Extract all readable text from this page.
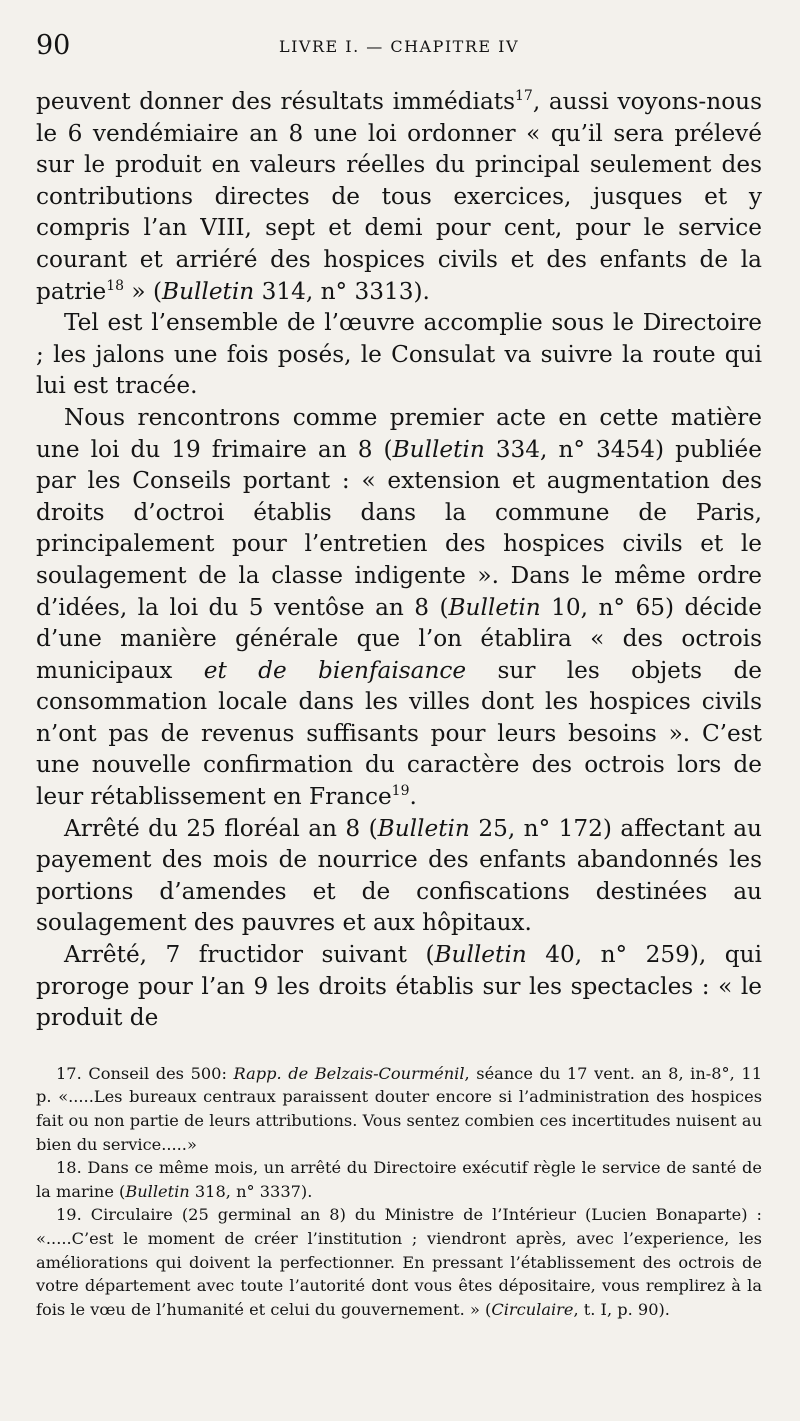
90	LIVRE I. — CHAPITRE IV

peuvent donner des résultats immédiats$^{17}$, aussi voyons-nous le 6 vendémiaire an 8 une loi ordonner « qu’il sera prélevé sur le produit en valeurs réelles du principal seulement des contributions directes de tous exercices, jusques et y compris l’an VIII, sept et demi pour cent, pour le service courant et arriéré des hospices civils et des enfants de la patrie$^{18}$ » (Bulletin 314, n° 3313).

Tel est l’ensemble de l’œuvre accomplie sous le Directoire ; les jalons une fois posés, le Consulat va suivre la route qui lui est tracée.

Nous rencontrons comme premier acte en cette matière une loi du 19 frimaire an 8 (Bulletin 334, n° 3454) publiée par les Conseils portant : « extension et augmentation des droits d’octroi établis dans la commune de Paris, principalement pour l’entretien des hospices civils et le soulagement de la classe indigente ». Dans le même ordre d’idées, la loi du 5 ventôse an 8 (Bulletin 10, n° 65) décide d’une manière générale que l’on établira « des octrois municipaux et de bienfaisance sur les objets de consommation locale dans les villes dont les hospices civils n’ont pas de revenus suffisants pour leurs besoins ». C’est une nouvelle confirmation du caractère des octrois lors de leur rétablissement en France$^{19}$.

Arrêté du 25 floréal an 8 (Bulletin 25, n° 172) affectant au payement des mois de nourrice des enfants abandonnés les portions d’amendes et de confiscations destinées au soulagement des pauvres et aux hôpitaux.

Arrêté, 7 fructidor suivant (Bulletin 40, n° 259), qui proroge pour l’an 9 les droits établis sur les spectacles : « le produit de

17. Conseil des 500: Rapp. de Belzais-Courménil, séance du 17 vent. an 8, in-8°, 11 p. «.....Les bureaux centraux paraissent douter encore si l’administration des hospices fait ou non partie de leurs attributions. Vous sentez combien ces incertitudes nuisent au bien du service.....»

18. Dans ce même mois, un arrêté du Directoire exécutif règle le service de santé de la marine (Bulletin 318, n° 3337).

19. Circulaire (25 germinal an 8) du Ministre de l’Intérieur (Lucien Bonaparte) : «.....C’est le moment de créer l’institution ; viendront après, avec l’experience, les améliorations qui doivent la perfectionner. En pressant l’établissement des octrois de votre département avec toute l’autorité dont vous êtes dépositaire, vous remplirez à la fois le vœu de l’humanité et celui du gouvernement. » (Circulaire, t. I, p. 90).
